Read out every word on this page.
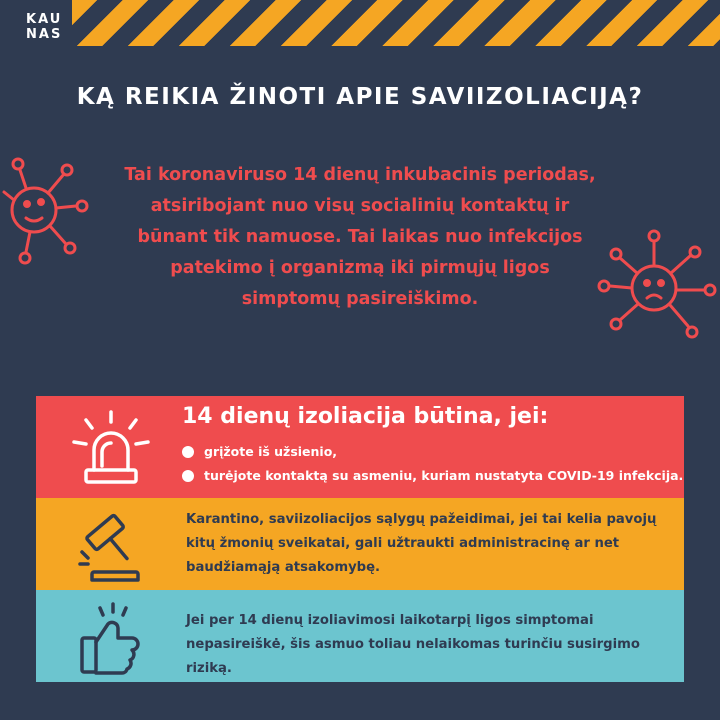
KAU
NAS
KĄ REIKIA ŽINOTI APIE SAVIIZOLIACIJĄ?

Tai koronaviruso 14 dienų inkubacinis periodas, atsiribojant nuo visų socialinių kontaktų ir būnant tik namuose. Tai laikas nuo infekcijos patekimo į organizmą iki pirmųjų ligos simptomų pasireiškimo.

14 dienų izoliacija būtina, jei:
grįžote iš užsienio,
turėjote kontaktą su asmeniu, kuriam nustatyta COVID-19 infekcija.

Karantino, saviizoliacijos sąlygų pažeidimai, jei tai kelia pavojų kitų žmonių sveikatai, gali užtraukti administracinę ar net baudžiamąją atsakomybę.

Jei per 14 dienų izoliavimosi laikotarpį ligos simptomai nepasireiškė, šis asmuo toliau nelaikomas turinčiu susirgimo riziką.
